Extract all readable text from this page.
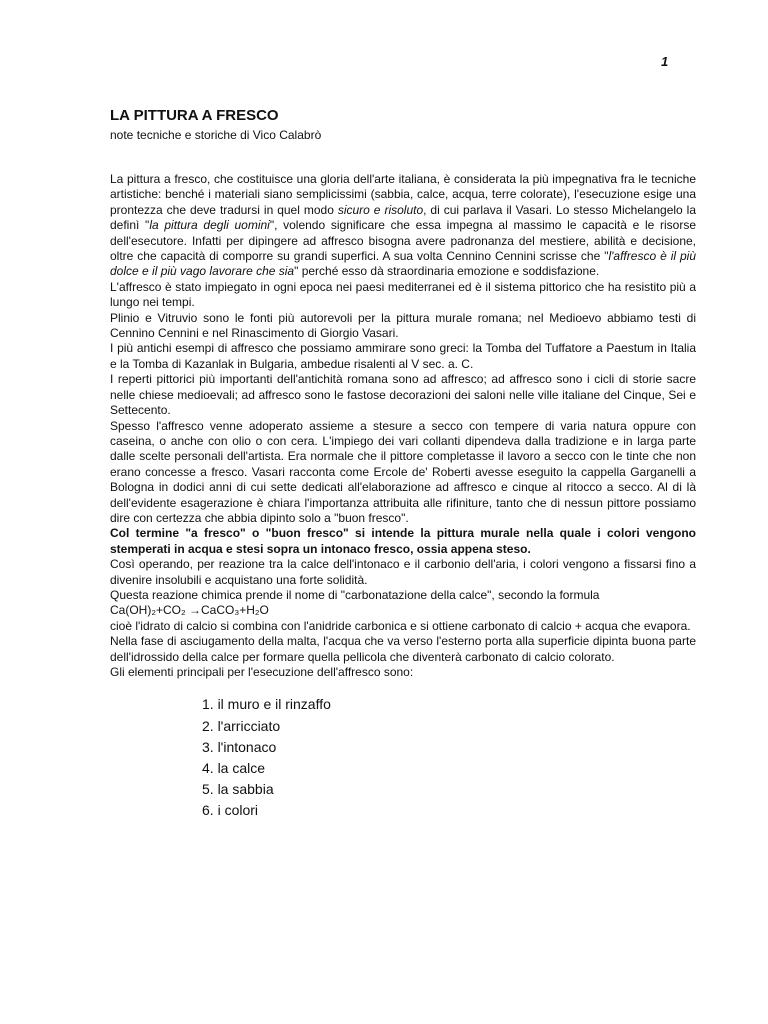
1
LA PITTURA A FRESCO

note tecniche e storiche di Vico Calabrò

La pittura a fresco, che costituisce una gloria dell'arte italiana, è considerata la più impegnativa fra le tecniche artistiche: benché i materiali siano semplicissimi (sabbia, calce, acqua, terre colorate), l'esecuzione esige una prontezza che deve tradursi in quel modo sicuro e risoluto, di cui parlava il Vasari. Lo stesso Michelangelo la definì "la pittura degli uomini", volendo significare che essa impegna al massimo le capacità e le risorse dell'esecutore. Infatti per dipingere ad affresco bisogna avere padronanza del mestiere, abilità e decisione, oltre che capacità di comporre su grandi superfici. A sua volta Cennino Cennini scrisse che "l'affresco è il più dolce e il più vago lavorare che sia" perché esso dà straordinaria emozione e soddisfazione.

L'affresco è stato impiegato in ogni epoca nei paesi mediterranei ed è il sistema pittorico che ha resistito più a lungo nei tempi.

Plinio e Vitruvio sono le fonti più autorevoli per la pittura murale romana; nel Medioevo abbiamo testi di Cennino Cennini e nel Rinascimento di Giorgio Vasari.

I più antichi esempi di affresco che possiamo ammirare sono greci: la Tomba del Tuffatore a Paestum in Italia e la Tomba di Kazanlak in Bulgaria, ambedue risalenti al V sec. a. C.

I reperti pittorici più importanti dell'antichità romana sono ad affresco; ad affresco sono i cicli di storie sacre nelle chiese medioevali; ad affresco sono le fastose decorazioni dei saloni nelle ville italiane del Cinque, Sei e Settecento.

Spesso l'affresco venne adoperato assieme a stesure a secco con tempere di varia natura oppure con caseina, o anche con olio o con cera. L'impiego dei vari collanti dipendeva dalla tradizione e in larga parte dalle scelte personali dell'artista. Era normale che il pittore completasse il lavoro a secco con le tinte che non erano concesse a fresco. Vasari racconta come Ercole de' Roberti avesse eseguito la cappella Garganelli a Bologna in dodici anni di cui sette dedicati all'elaborazione ad affresco e cinque al ritocco a secco. Al di là dell'evidente esagerazione è chiara l'importanza attribuita alle rifiniture, tanto che di nessun pittore possiamo dire con certezza che abbia dipinto solo a "buon fresco".

Col termine "a fresco" o "buon fresco" si intende la pittura murale nella quale i colori vengono stemperati in acqua e stesi sopra un intonaco fresco, ossia appena steso.

Così operando, per reazione tra la calce dell'intonaco e il carbonio dell'aria, i colori vengono a fissarsi fino a divenire insolubili e acquistano una forte solidità.

Questa reazione chimica prende il nome di "carbonatazione della calce", secondo la formula

Ca(OH)₂+CO₂ →CaCO₃+H₂O

cioè l'idrato di calcio si combina con l'anidride carbonica e si ottiene carbonato di calcio + acqua che evapora.

Nella fase di asciugamento della malta, l'acqua che va verso l'esterno porta alla superficie dipinta buona parte dell'idrossido della calce per formare quella pellicola che diventerà carbonato di calcio colorato.

Gli elementi principali per l'esecuzione dell'affresco sono:

1. il muro e il rinzaffo
2. l'arricciato
3. l'intonaco
4. la calce
5. la sabbia
6. i colori
